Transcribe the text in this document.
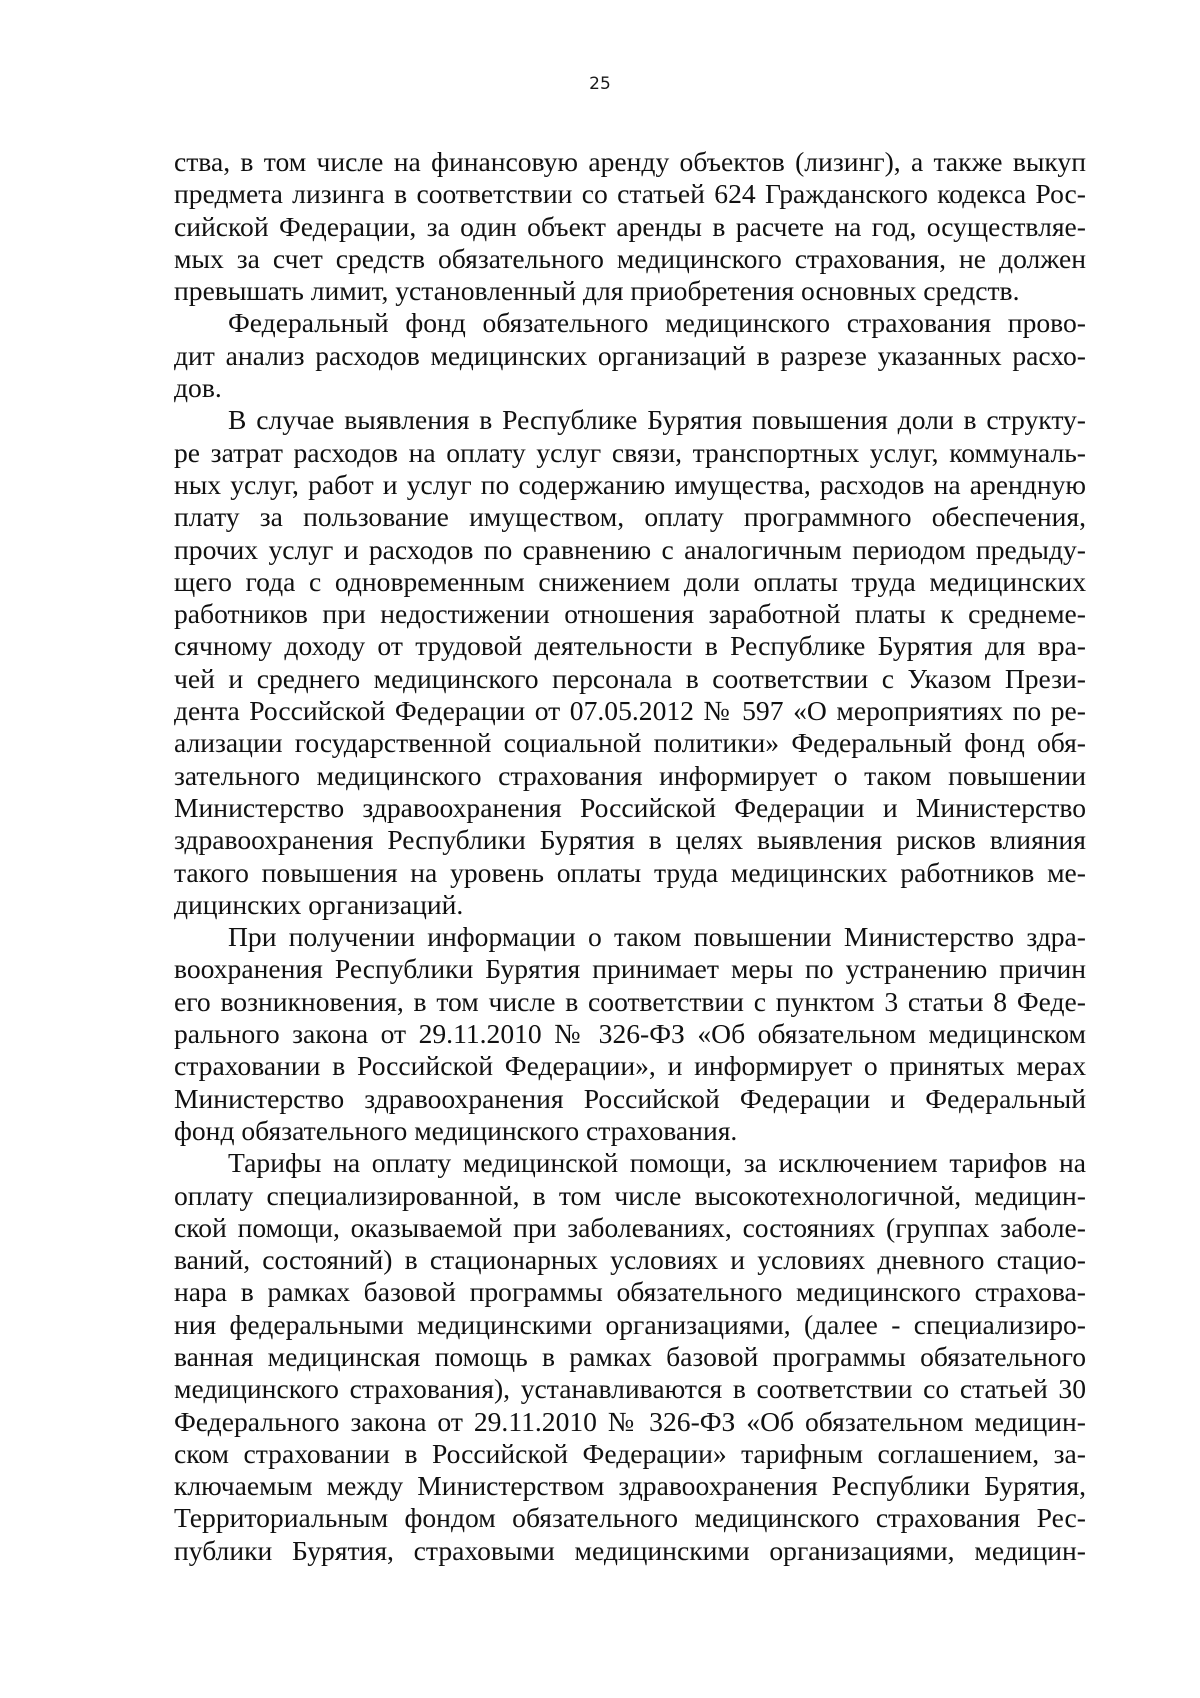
25
ства, в том числе на финансовую аренду объектов (лизинг), а также выкуп
предмета лизинга в соответствии со статьей 624 Гражданского кодекса Рос-
сийской Федерации, за один объект аренды в расчете на год, осуществляе-
мых за счет средств обязательного медицинского страхования, не должен
превышать лимит, установленный для приобретения основных средств.
Федеральный фонд обязательного медицинского страхования прово-
дит анализ расходов медицинских организаций в разрезе указанных расхо-
дов.
В случае выявления в Республике Бурятия повышения доли в структу-
ре затрат расходов на оплату услуг связи, транспортных услуг, коммуналь-
ных услуг, работ и услуг по содержанию имущества, расходов на арендную
плату за пользование имуществом, оплату программного обеспечения,
прочих услуг и расходов по сравнению с аналогичным периодом предыду-
щего года с одновременным снижением доли оплаты труда медицинских
работников при недостижении отношения заработной платы к среднеме-
сячному доходу от трудовой деятельности в Республике Бурятия для вра-
чей и среднего медицинского персонала в соответствии с Указом Прези-
дента Российской Федерации от 07.05.2012 № 597 «О мероприятиях по ре-
ализации государственной социальной политики» Федеральный фонд обя-
зательного медицинского страхования информирует о таком повышении
Министерство здравоохранения Российской Федерации и Министерство
здравоохранения Республики Бурятия в целях выявления рисков влияния
такого повышения на уровень оплаты труда медицинских работников ме-
дицинских организаций.
При получении информации о таком повышении Министерство здра-
воохранения Республики Бурятия принимает меры по устранению причин
его возникновения, в том числе в соответствии с пунктом 3 статьи 8 Феде-
рального закона от 29.11.2010 № 326-ФЗ «Об обязательном медицинском
страховании в Российской Федерации», и информирует о принятых мерах
Министерство здравоохранения Российской Федерации и Федеральный
фонд обязательного медицинского страхования.
Тарифы на оплату медицинской помощи, за исключением тарифов на
оплату специализированной, в том числе высокотехнологичной, медицин-
ской помощи, оказываемой при заболеваниях, состояниях (группах заболе-
ваний, состояний) в стационарных условиях и условиях дневного стацио-
нара в рамках базовой программы обязательного медицинского страхова-
ния федеральными медицинскими организациями, (далее - специализиро-
ванная медицинская помощь в рамках базовой программы обязательного
медицинского страхования), устанавливаются в соответствии со статьей 30
Федерального закона от 29.11.2010 № 326-ФЗ «Об обязательном медицин-
ском страховании в Российской Федерации» тарифным соглашением, за-
ключаемым между Министерством здравоохранения Республики Бурятия,
Территориальным фондом обязательного медицинского страхования Рес-
публики Бурятия, страховыми медицинскими организациями, медицин-
